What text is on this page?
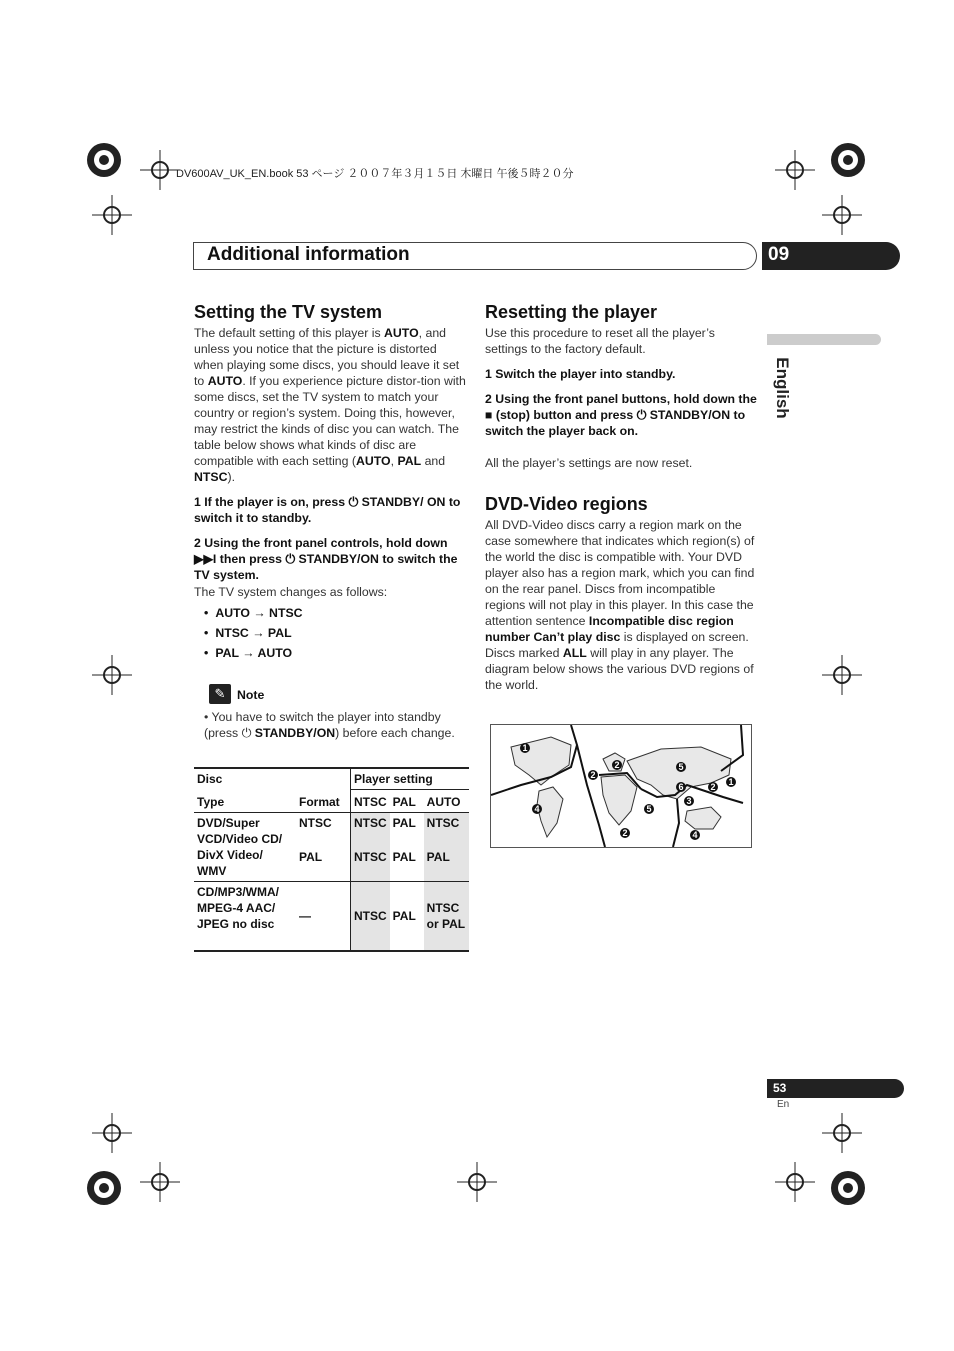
DV600AV_UK_EN.book 53 ページ ２００７年３月１５日 木曜日 午後５時２０分
Additional information	09
English
Setting the TV system
The default setting of this player is AUTO, and unless you notice that the picture is distorted when playing some discs, you should leave it set to AUTO. If you experience picture distor-tion with some discs, set the TV system to match your country or region’s system. Doing this, however, may restrict the kinds of disc you can watch. The table below shows what kinds of disc are compatible with each setting (AUTO, PAL and NTSC).
1 If the player is on, press ⏻ STANDBY/ ON to switch it to standby.
2 Using the front panel controls, hold down ▶▶I then press ⏻ STANDBY/ON to switch the TV system.
The TV system changes as follows:
• AUTO → NTSC
• NTSC → PAL
• PAL → AUTO
✎ Note
• You have to switch the player into standby (press ⏻ STANDBY/ON) before each change.
Disc		Player setting		
Type	Format	NTSC	PAL	AUTO
DVD/Super VCD/Video CD/ DivX Video/ WMV	NTSC	NTSC	PAL	NTSC
	PAL	NTSC	PAL	PAL
CD/MP3/WMA/ MPEG-4 AAC/ JPEG no disc	—	NTSC	PAL	NTSC or PAL
Resetting the player
Use this procedure to reset all the player’s settings to the factory default.
1 Switch the player into standby.
2 Using the front panel buttons, hold down the ■ (stop) button and press ⏻ STANDBY/ON to switch the player back on.
All the player’s settings are now reset.
DVD-Video regions
All DVD-Video discs carry a region mark on the case somewhere that indicates which region(s) of the world the disc is compatible with. Your DVD player also has a region mark, which you can find on the rear panel. Discs from incompatible regions will not play in this player. In this case the attention sentence Incompatible disc region number Can’t play disc is displayed on screen. Discs marked ALL will play in any player. The diagram below shows the various DVD regions of the world.
1
2
2
4
5
5
6
3
2 1
4
2
53
En
